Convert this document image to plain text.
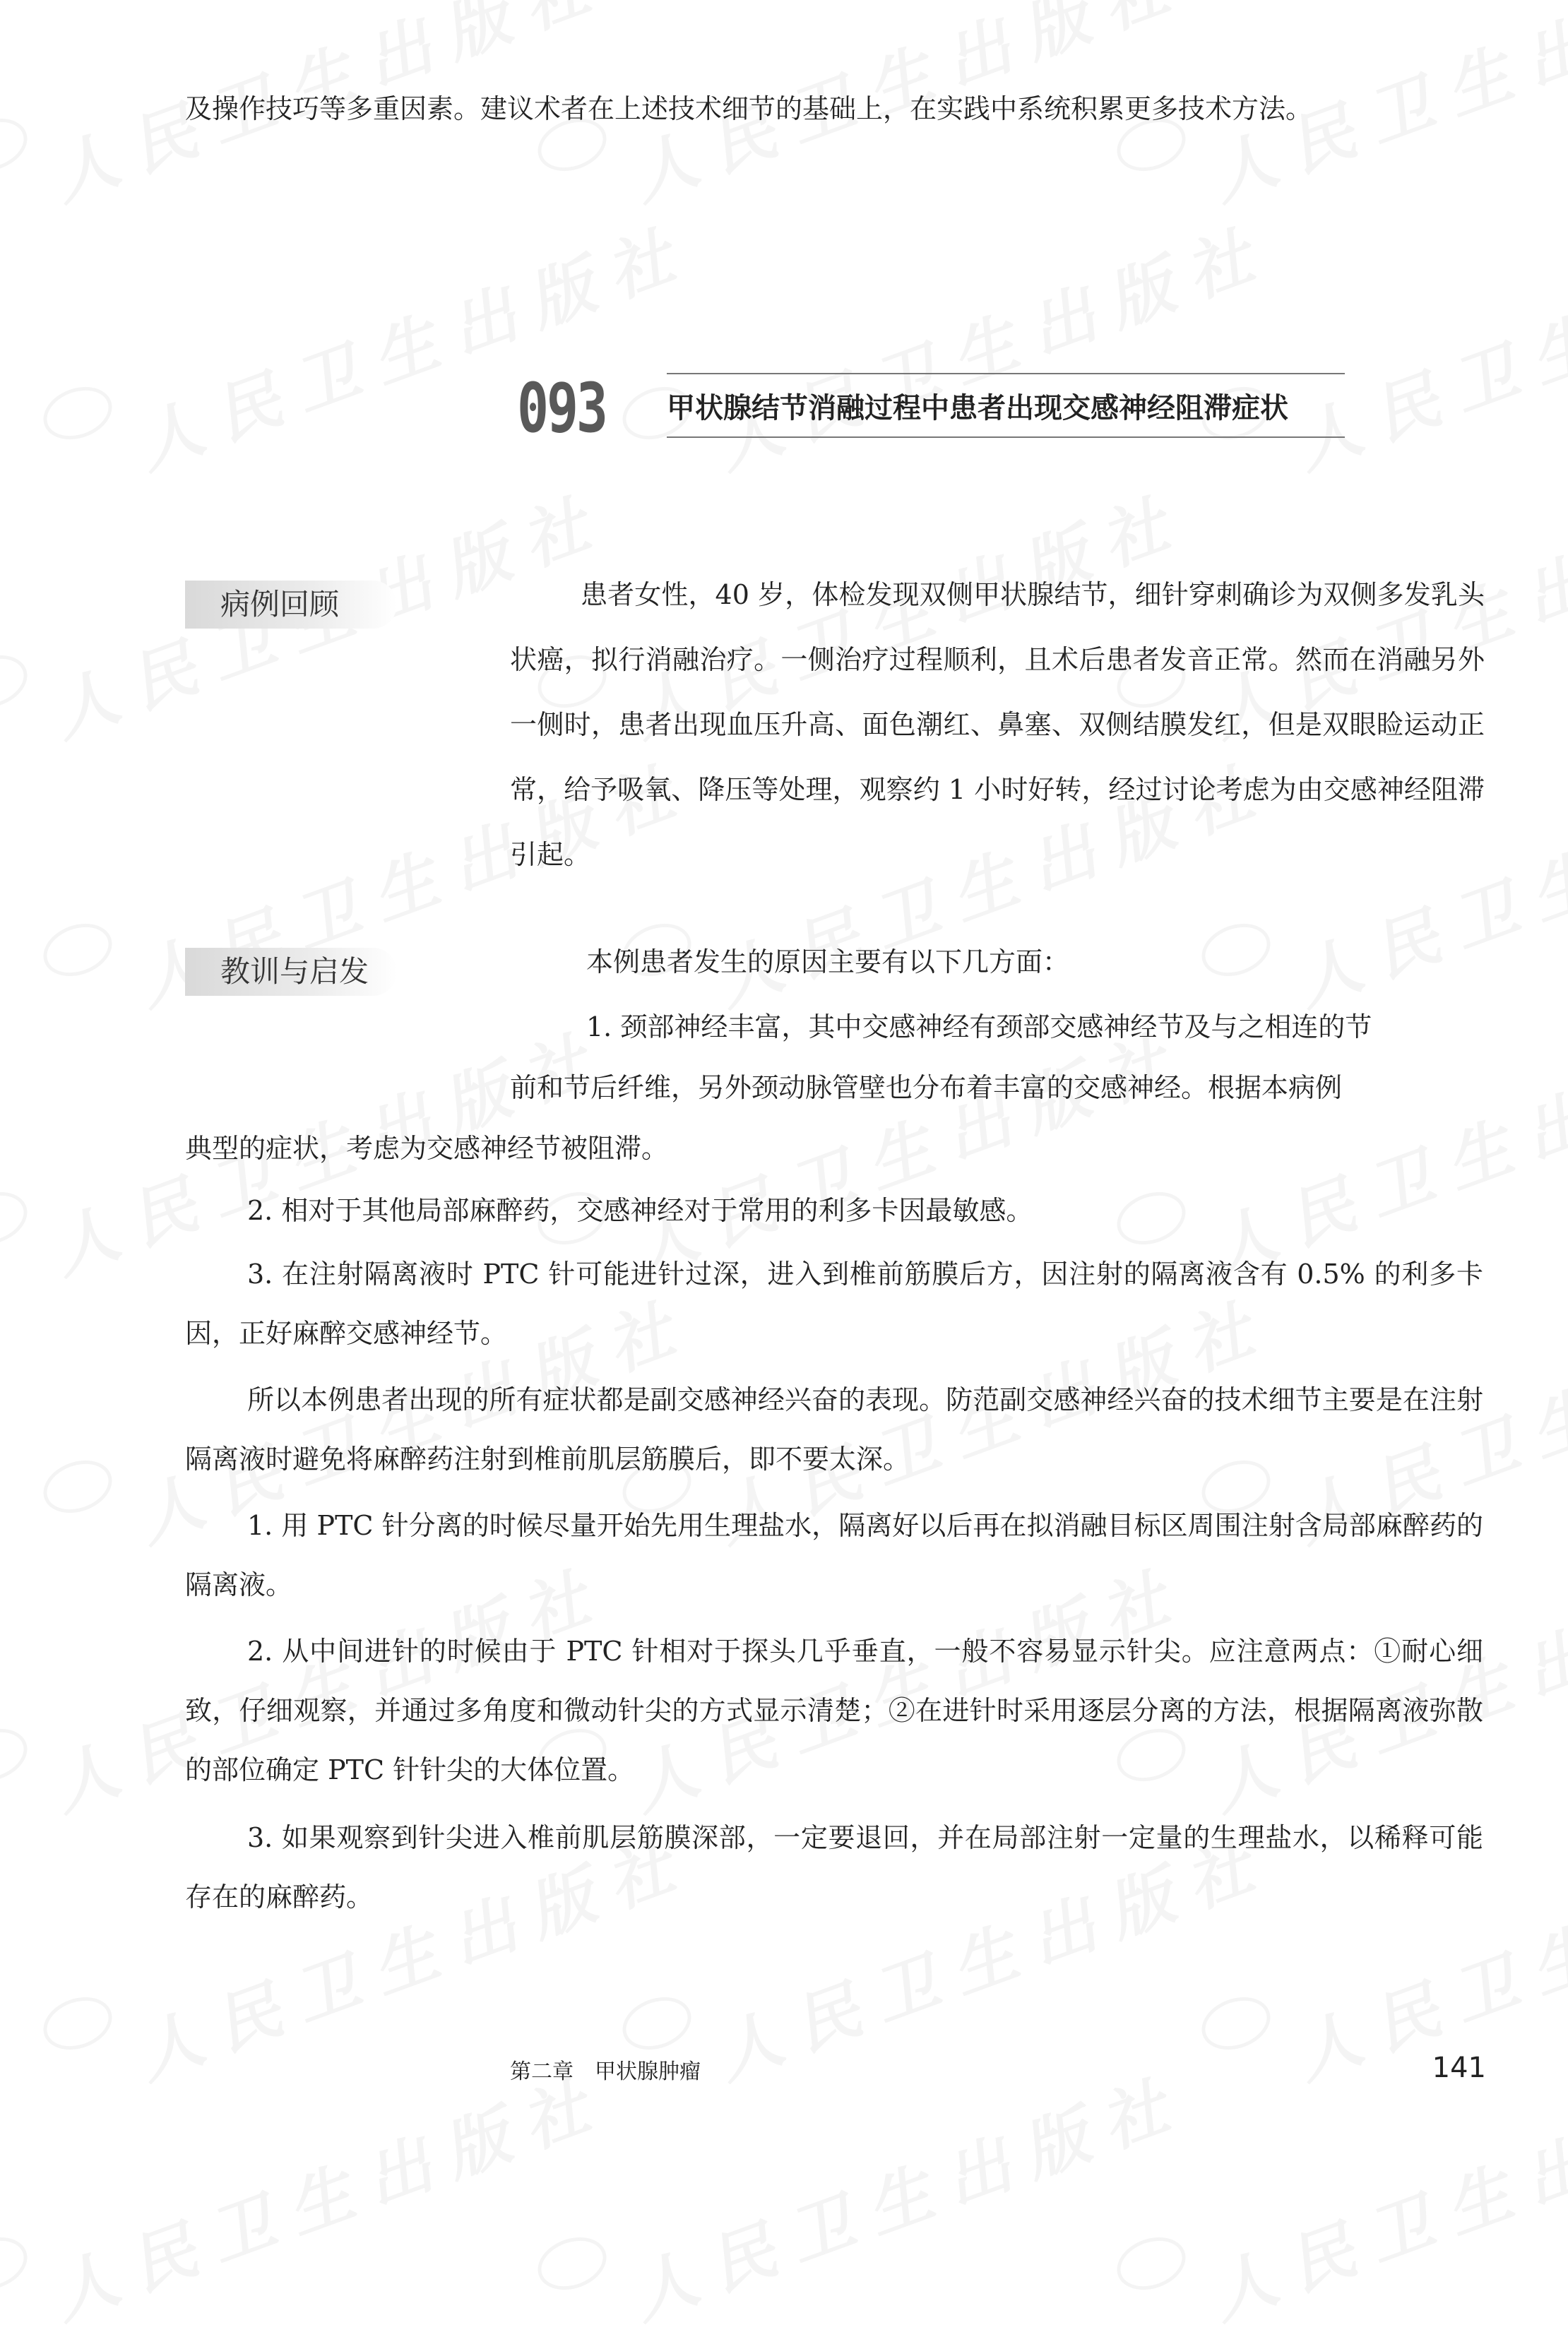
及操作技巧等多重因素。建议术者在上述技术细节的基础上，在实践中系统积累更多技术方法。

093 甲状腺结节消融过程中患者出现交感神经阻滞症状
病例回顾	患者女性，40 岁，体检发现双侧甲状腺结节，细针穿刺确诊为双侧多发乳头状癌，拟行消融治疗。一侧治疗过程顺利，且术后患者发音正常。然而在消融另外一侧时，患者出现血压升高、面色潮红、鼻塞、双侧结膜发红，但是双眼睑运动正常，给予吸氧、降压等处理，观察约 1 小时好转，经过讨论考虑为由交感神经阻滞引起。

教训与启发	本例患者发生的原因主要有以下几方面：

1. 颈部神经丰富，其中交感神经有颈部交感神经节及与之相连的节

前和节后纤维，另外颈动脉管壁也分布着丰富的交感神经。根据本病例

典型的症状，考虑为交感神经节被阻滞。

2. 相对于其他局部麻醉药，交感神经对于常用的利多卡因最敏感。

3. 在注射隔离液时 PTC 针可能进针过深，进入到椎前筋膜后方，因注射的隔离液含有 0.5% 的利多卡因，正好麻醉交感神经节。

所以本例患者出现的所有症状都是副交感神经兴奋的表现。防范副交感神经兴奋的技术细节主要是在注射隔离液时避免将麻醉药注射到椎前肌层筋膜后，即不要太深。

1. 用 PTC 针分离的时候尽量开始先用生理盐水，隔离好以后再在拟消融目标区周围注射含局部麻醉药的隔离液。

2. 从中间进针的时候由于 PTC 针相对于探头几乎垂直，一般不容易显示针尖。应注意两点：①耐心细致，仔细观察，并通过多角度和微动针尖的方式显示清楚；②在进针时采用逐层分离的方法，根据隔离液弥散的部位确定 PTC 针针尖的大体位置。

3. 如果观察到针尖进入椎前肌层筋膜深部，一定要退回，并在局部注射一定量的生理盐水，以稀释可能存在的麻醉药。

第二章　甲状腺肿瘤	141
